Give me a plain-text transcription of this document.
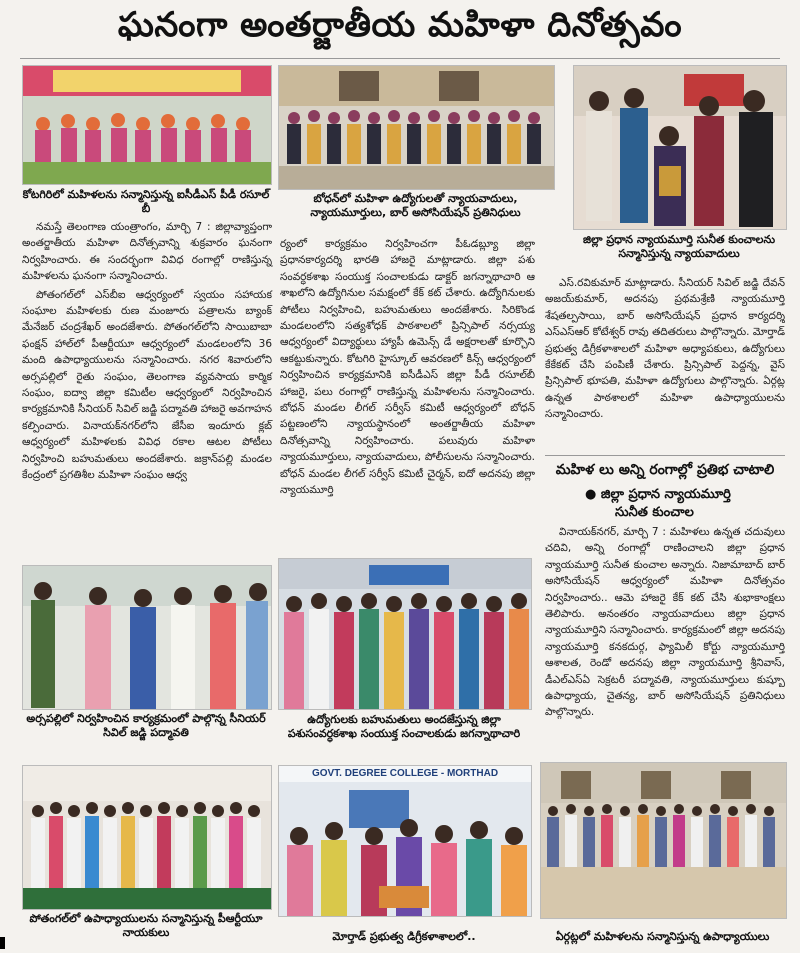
ఘనంగా అంతర్జాతీయ మహిళా దినోత్సవం
కోటగిరిలో మహిళలను సన్మానిస్తున్న ఐసీడీఎస్ పీడీ రసూల్ బీ
బోధన్‌లో మహిళా ఉద్యోగులతో న్యాయవాదులు, న్యాయమూర్తులు, బార్ అసోసియేషన్ ప్రతినిధులు
జిల్లా ప్రధాన న్యాయమూర్తి సునీత కుంచాలను సన్మానిస్తున్న న్యాయవాదులు

నమస్తే తెలంగాణ యంత్రాంగం, మార్చి 7 : జిల్లావ్యాప్తంగా అంతర్జాతీయ మహిళా దినోత్సవాన్ని శుక్రవారం ఘనంగా నిర్వహించారు. ఈ సందర్భంగా వివిధ రంగాల్లో రాణిస్తున్న మహిళలను ఘనంగా సన్మానించారు.

పోతంగల్‌లో ఎస్‌బీఐ ఆధ్వర్యంలో స్వయం సహాయక సంఘాల మహిళలకు రుణ మంజూరు పత్రాలను బ్యాంక్ మేనేజర్ చంద్రశేఖర్ అందజేశారు. పోతంగల్‌లోని సాయిబాబా ఫంక్షన్ హాల్‌లో పీఆర్టీయూ ఆధ్వర్యంలో మండలంలోని 36 మంది ఉపాధ్యాయులను సన్మానించారు. నగర శివారులోని అర్సపల్లిలో రైతు సంఘం, తెలంగాణ వ్యవసాయ కార్మిక సంఘం, ఐద్వా జిల్లా కమిటీల ఆధ్వర్యంలో నిర్వహించిన కార్యక్రమానికి సీనియర్ సివిల్ జడ్జి పద్మావతి హాజరై అవగాహన కల్పించారు. వినాయక్‌నగర్‌లోని జేసీఐ ఇందూరు క్లబ్ ఆధ్వర్యంలో మహిళలకు వివిధ రకాల ఆటల పోటీలు నిర్వహించి బహుమతులు అందజేశారు. జక్రాన్‌పల్లి మండల కేంద్రంలో ప్రగతిశీల మహిళా సంఘం ఆధ్వ

ర్యంలో కార్యక్రమం నిర్వహించగా పీఓడబ్ల్యూ జిల్లా ప్రధానకార్యదర్శి భారతి హాజరై మాట్లాడారు. జిల్లా పశు సంవర్ధకశాఖ సంయుక్త సంచాలకుడు డాక్టర్ జగన్నాథాచారి ఆ శాఖలోని ఉద్యోగినుల సమక్షంలో కేక్ కట్ చేశారు. ఉద్యోగినులకు పోటీలు నిర్వహించి, బహుమతులు అందజేశారు. సిరికొండ మండలంలోని సత్యశోధక్ పాఠశాలలో ప్రిన్సిపాల్ నర్సయ్య ఆధ్వర్యంలో విద్యార్థులు హ్యాపీ ఉమెన్స్ డే అక్షరాలతో కూర్చొని ఆకట్టుకున్నారు. కోటగిరి హైస్కూల్ ఆవరణలో కిన్స్ ఆధ్వర్యంలో నిర్వహించిన కార్యక్రమానికి ఐసీడీఎస్ జిల్లా పీడీ రసూల్‌బీ హాజరై, పలు రంగాల్లో రాణిస్తున్న మహిళలను సన్మానించారు. బోధన్ మండల లీగల్ సర్వీస్ కమిటీ ఆధ్వర్యంలో బోధన్ పట్టణంలోని న్యాయస్థానంలో అంతర్జాతీయ మహిళా దినోత్సవాన్ని నిర్వహించారు. పలువురు మహిళా న్యాయమూర్తులు, న్యాయవాదులు, పోలీసులను సన్మానించారు. బోధన్ మండల లీగల్ సర్వీస్ కమిటీ చైర్మన్, ఐదో అదనపు జిల్లా న్యాయమూర్తి

ఎస్.రవికుమార్ మాట్లాడారు. సీనియర్ సివిల్ జడ్జి దేవన్ అజయ్‌కుమార్, అదనపు ప్రథమశ్రేణి న్యాయమూర్తి శేషతల్పసాయి, బార్ అసోసియేషన్ ప్రధాన కార్యదర్శి ఎస్ఎస్ఆర్ కోటేశ్వర్ రావు తదితరులు పాల్గొన్నారు. మోర్తాడ్ ప్రభుత్వ డిగ్రీకళాశాలలో మహిళా అధ్యాపకులు, ఉద్యోగులు కేకేకట్ చేసి పంపిణీ చేశారు. ప్రిన్సిపాల్ పెద్దన్న, వైస్ ప్రిన్సిపాల్ భూపతి, మహిళా ఉద్యోగులు పాల్గొన్నారు. ఏర్గట్ల ఉన్నత పాఠశాలలో మహిళా ఉపాధ్యాయులను సన్మానించారు.

మహిళ లు అన్ని రంగాల్లో ప్రతిభ చాటాలి
● జిల్లా ప్రధాన న్యాయమూర్తి
సునీత కుంచాల

వినాయక్‌నగర్, మార్చి 7 : మహిళలు ఉన్నత చదువులు చదివి, అన్ని రంగాల్లో రాణించాలని జిల్లా ప్రధాన న్యాయమూర్తి సునీత కుంచాల అన్నారు. నిజామాబాద్ బార్ అసోసియేషన్ ఆధ్వర్యంలో మహిళా దినోత్సవం నిర్వహించారు.. ఆమె హాజరై కేక్ కట్ చేసి శుభాకాంక్షలు తెలిపారు. అనంతరం న్యాయవాదులు జిల్లా ప్రధాన న్యాయమూర్తిని సన్మానించారు. కార్యక్రమంలో జిల్లా అదనపు న్యాయమూర్తి కనకదుర్గ, ఫ్యామిలీ కోర్టు న్యాయమూర్తి ఆశాలత, రెండో అదనపు జిల్లా న్యాయమూర్తి శ్రీనివాస్, డీఎల్ఎస్ఏ సెక్రటరీ పద్మావతి, న్యాయమూర్తులు కుష్బూ ఉపాధ్యాయ, చైతన్య, బార్ అసోసియేషన్ ప్రతినిధులు పాల్గొన్నారు.

అర్సపల్లిలో నిర్వహించిన కార్యక్రమంలో పాల్గొన్న సీనియర్ సివిల్ జడ్జి పద్మావతి
ఉద్యోగులకు బహుమతులు అందజేస్తున్న జిల్లా పశుసంవర్ధకశాఖ సంయుక్త సంచాలకుడు జగన్నాథాచారి
పోతంగల్‌లో ఉపాధ్యాయులను సన్మానిస్తున్న పీఆర్టీయూ నాయకులు
GOVT. DEGREE COLLEGE - MORTHAD
మోర్తాడ్ ప్రభుత్వ డిగ్రీకళాశాలలో..	ఏర్గట్లలో మహిళలను సన్మానిస్తున్న ఉపాధ్యాయులు
